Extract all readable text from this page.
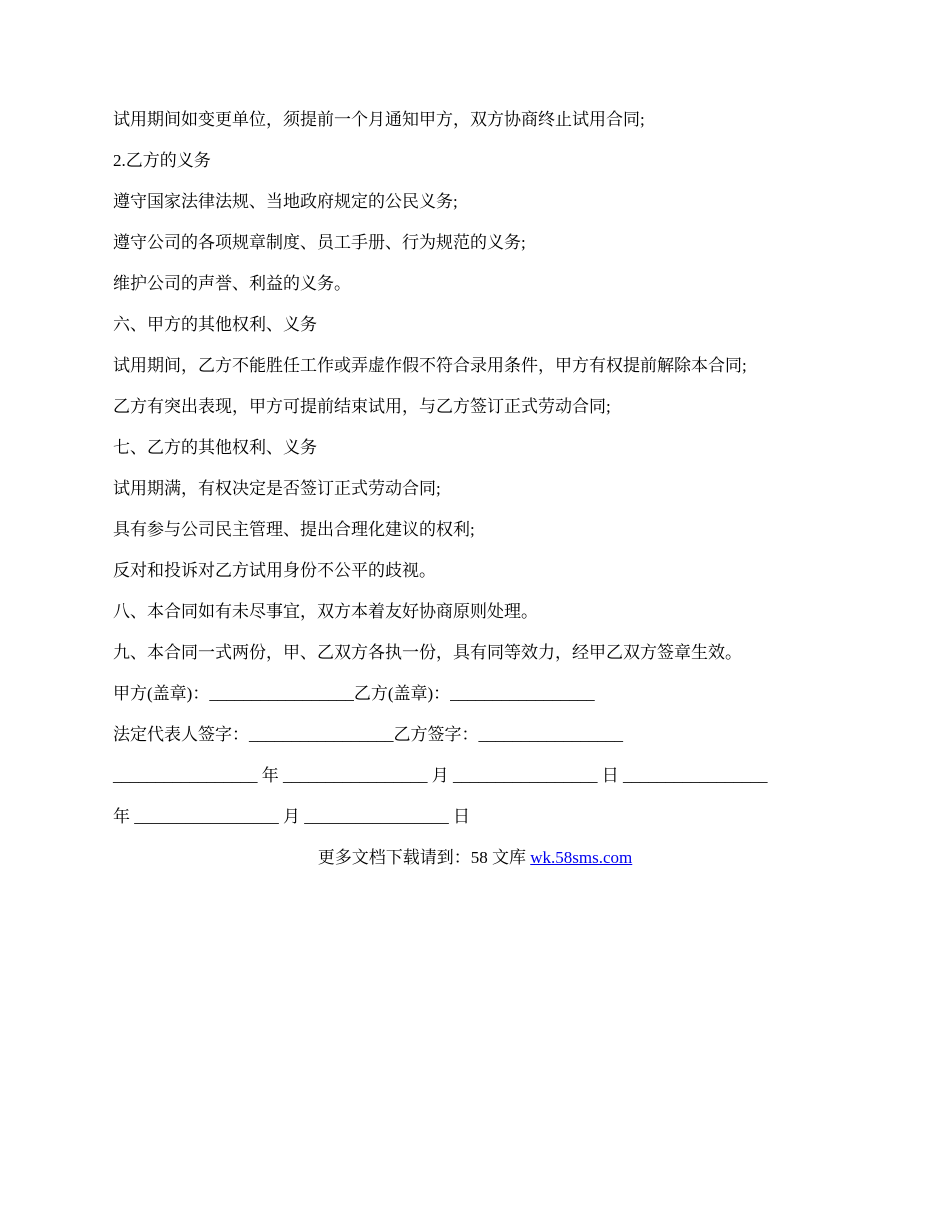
试用期间如变更单位，须提前一个月通知甲方，双方协商终止试用合同;
2.乙方的义务
遵守国家法律法规、当地政府规定的公民义务;
遵守公司的各项规章制度、员工手册、行为规范的义务;
维护公司的声誉、利益的义务。
六、甲方的其他权利、义务
试用期间，乙方不能胜任工作或弄虚作假不符合录用条件，甲方有权提前解除本合同;
乙方有突出表现，甲方可提前结束试用，与乙方签订正式劳动合同;
七、乙方的其他权利、义务
试用期满，有权决定是否签订正式劳动合同;
具有参与公司民主管理、提出合理化建议的权利;
反对和投诉对乙方试用身份不公平的歧视。
八、本合同如有未尽事宜，双方本着友好协商原则处理。
九、本合同一式两份，甲、乙双方各执一份，具有同等效力，经甲乙双方签章生效。
甲方(盖章)：_________________乙方(盖章)：_________________
法定代表人签字：_________________乙方签字：_________________
_________________ 年 _________________ 月 _________________ 日 _________________
年 _________________ 月 _________________ 日
更多文档下载请到：58 文库 wk.58sms.com
